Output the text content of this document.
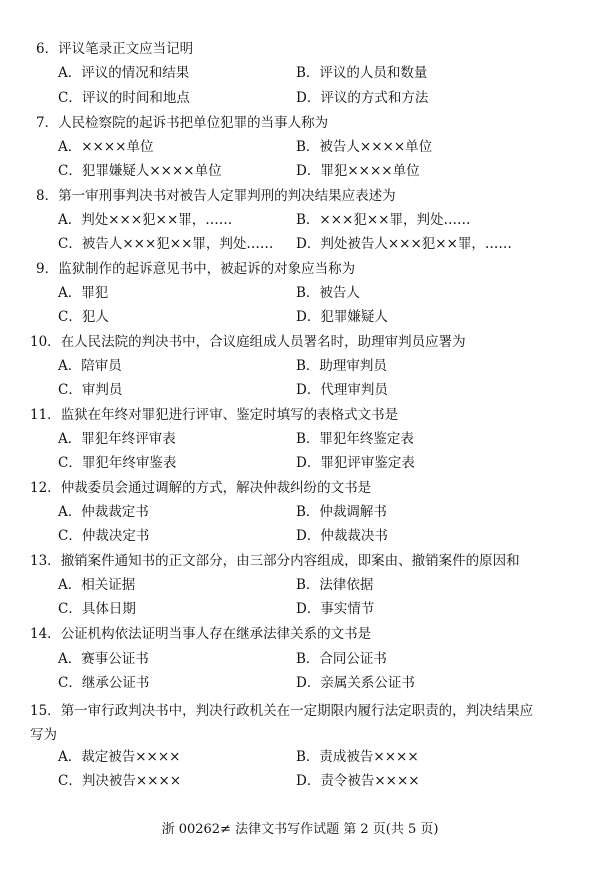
6．评议笔录正文应当记明
A．评议的情况和结果	B．评议的人员和数量
C．评议的时间和地点	D．评议的方式和方法
7．人民检察院的起诉书把单位犯罪的当事人称为
A．××××单位	B．被告人××××单位
C．犯罪嫌疑人××××单位	D．罪犯××××单位
8．第一审刑事判决书对被告人定罪判刑的判决结果应表述为
A．判处×××犯××罪，……	B．×××犯××罪，判处……
C．被告人×××犯××罪，判处…… D．判处被告人×××犯××罪，……
9．监狱制作的起诉意见书中，被起诉的对象应当称为
A．罪犯	B．被告人
C．犯人	D．犯罪嫌疑人
10．在人民法院的判决书中，合议庭组成人员署名时，助理审判员应署为
A．陪审员	B．助理审判员
C．审判员	D．代理审判员
11．监狱在年终对罪犯进行评审、鉴定时填写的表格式文书是
A．罪犯年终评审表	B．罪犯年终鉴定表
C．罪犯年终审鉴表	D．罪犯评审鉴定表
12．仲裁委员会通过调解的方式，解决仲裁纠纷的文书是
A．仲裁裁定书	B．仲裁调解书
C．仲裁决定书	D．仲裁裁决书
13．撤销案件通知书的正文部分，由三部分内容组成，即案由、撤销案件的原因和
A．相关证据	B．法律依据
C．具体日期	D．事实情节
14．公证机构依法证明当事人存在继承法律关系的文书是
A．赛事公证书	B．合同公证书
C．继承公证书	D．亲属关系公证书
15．第一审行政判决书中，判决行政机关在一定期限内履行法定职责的，判决结果应写为
A．裁定被告××××	B．责成被告××××
C．判决被告××××	D．责令被告××××
浙 00262≠ 法律文书写作试题 第 2 页(共 5 页)
